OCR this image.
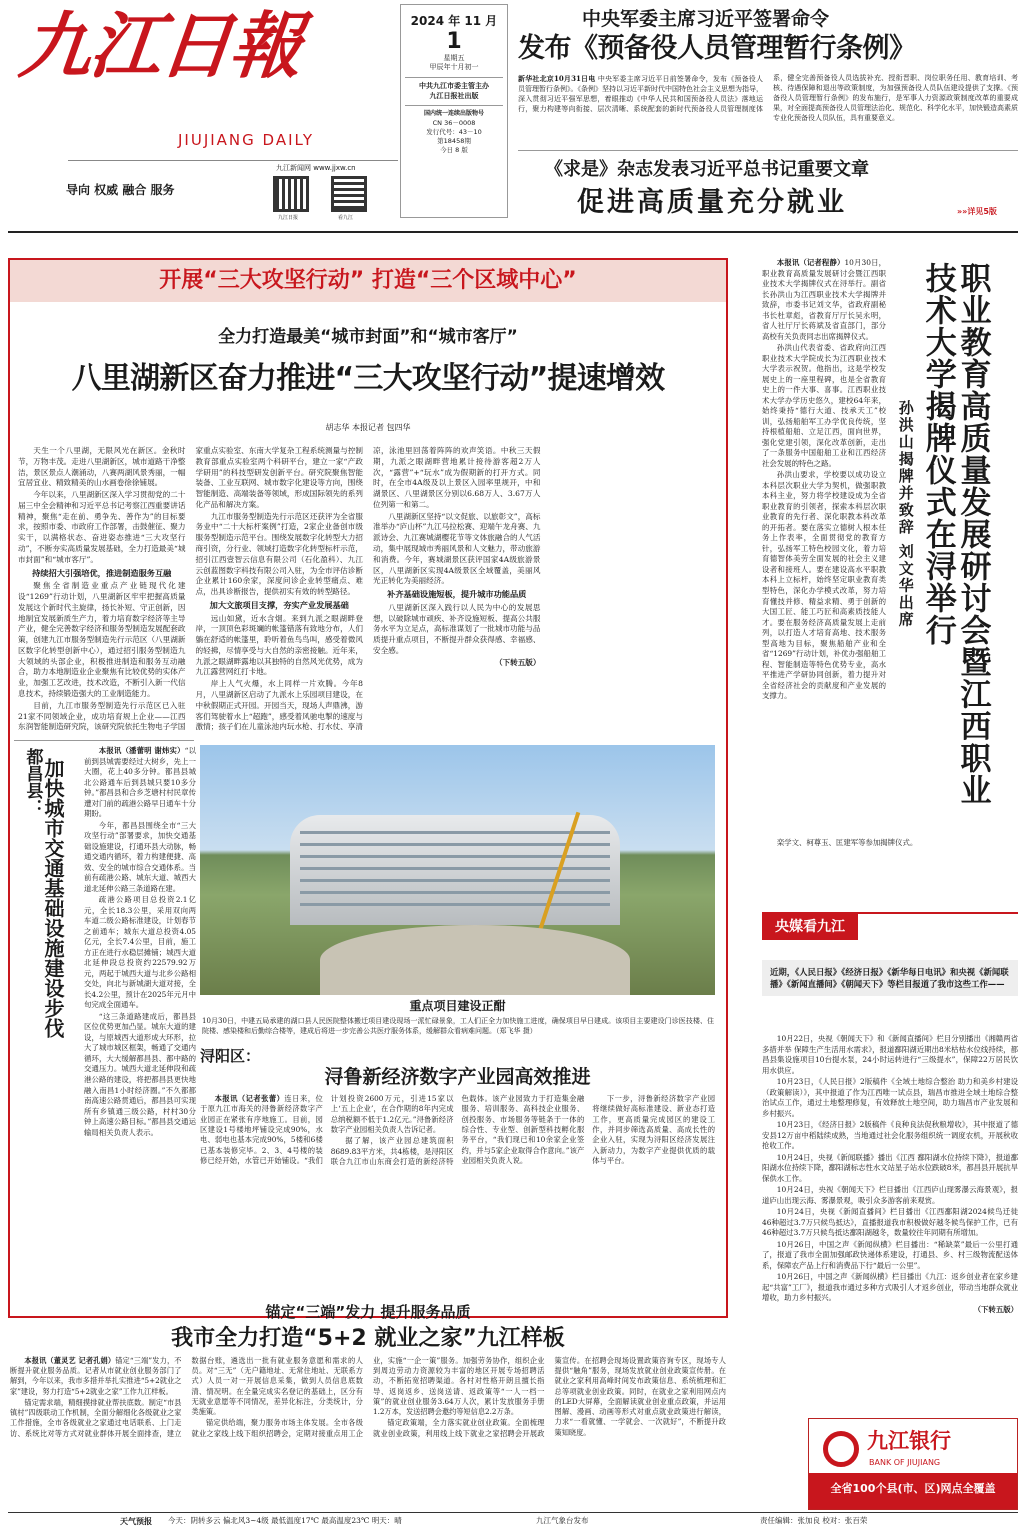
九江日報
JIUJIANG DAILY
导向 权威 融合 服务
九江新闻网 www.jjxw.cn
九江日报	看九江
2024 年 11 月
1
星期五
甲辰年十月初一
中共九江市委主管主办
九江日报社出版
国内统一连续出版物号
CN 36－0008
发行代号：43－10
第18458期
今日 8 版
中央军委主席习近平签署命令
发布《预备役人员管理暂行条例》
新华社北京10月31日电 中央军委主席习近平日前签署命令，发布《预备役人员管理暂行条例》。《条例》坚持以习近平新时代中国特色社会主义思想为指导，深入贯彻习近平强军思想，着眼推动《中华人民共和国预备役人员法》落地运行，聚力构建等向衔接、层次清晰、系统配套的新时代预备役人员管理制度体系，健全完善预备役人员选拔补充、授衔晋职、岗位职务任用、教育培训、考核、待遇保障和退出等政策制度，为加强预备役人员队伍建设提供了支撑。《预备役人员管理暂行条例》的发布施行，是军事人力资源政策制度改革的重要成果，对全面提高预备役人员管理法治化、规范化、科学化水平，加快锻造高素质专业化预备役人员队伍，具有重要意义。
《求是》杂志发表习近平总书记重要文章
促进高质量充分就业	»»详见5版
开展“三大攻坚行动” 打造“三个区域中心”
全力打造最美“城市封面”和“城市客厅”
八里湖新区奋力推进“三大攻坚行动”提速增效
胡志华 本报记者 包四华

天生一个八里湖，无限风光在新区。金秋时节，万物丰茂。走进八里湖新区，城市道路干净整洁，景区景点人潮涌动，八赛两湖风景秀丽，一幅宜居宜业、精致精美的山水画卷徐徐铺展。

今年以来，八里湖新区深入学习贯彻党的二十届三中全会精神和习近平总书记考察江西重要讲话精神，聚焦“走在前、勇争先、善作为”的目标要求，按照市委、市政府工作部署，击鼓催征、聚力实干，以满格状态、奋进姿态推进“三大攻坚行动”，不断夯实高质量发展基础，全力打造最美“城市封面”和“城市客厅”。

持续招大引强培优，推进制造服务互融

聚焦全省制造业重点产业链现代化建设“1269”行动计划，八里湖新区牢牢把握高质量发展这个新时代主旋律，扬长补短、守正创新，因地制宜发展新质生产力，着力培育数字经济等主导产业，健全完善数字经济和服务型制造发展配套政策，创建九江市服务型制造先行示范区（八里湖新区数字化转型创新中心），通过招引服务型制造九大领域的头部企业，积极推进制造和服务互动融合，助力本地制造业企业聚焦有比较优势的实体产业，加强工艺改进，技术改造，不断引入新一代信息技术，持续锻造强大的工业制造能力。

目前，九江市服务型制造先行示范区已入驻21家不同领域企业，成功培育规上企业——江西东润智能制造研究院，该研究院依托生物电子学国家重点实验室、东南大学复杂工程系统测量与控制教育部重点实验室两个科研平台，建立一家“产政学研用”的科技型研发创新平台。研究院聚焦智能装备、工业互联网、城市数字化建设等方向，围绕智能制造、高端装备等领域，形成国际领先的系列化产品和解决方案。

九江市服务型制造先行示范区还获评为全省服务业中“二十大标杆案例”打造，2家企业备创市级服务型制造示范平台。围绕发展数字化转型大力招商引资，分行业、领域打造数字化转型标杆示范，招引江西壹智云信息有限公司（石化盈科）、九江云创蓝图数字科技有限公司入驻，为全市评估诊断企业累计160余家，深度问诊企业转型痛点、难点，出具诊断报告，提供初实有效的转型路径。

加大文旅项目支撑，夯实产业发展基础

远山如黛，近水含烟。来到九派之眼湖畔登岸，一顶顶色彩斑斓的帐篷错落有致地分布，人们躺在舒适的帐篷里，聆听着鱼鸟鸟叫，感受着微风的轻拂，尽情享受与大自然的亲密接触。近年来，九派之眼湖畔露地以其独特的自然风光优势，成为九江露营网红打卡地。

岸上人气火爆，水上同样一片欢腾。今年8月，八里湖新区启动了九派水上乐园项目建设，在中秋假期正式开园。开园当天，现场人声鼎沸，游客们驾驶着水上“超跑”，感受着风驰电掣的速度与激情；孩子们在儿童泳池内玩水枪、打水仗、享清凉，泳池里回荡着阵阵的欢声笑语。中秋三天假期，九派之眼湖畔营地累计接待游客超2万人次，“露营”+“玩水”成为假期新的打开方式。同时，在全市4A级及以上景区入园率里规开，中和湖景区、八里湖景区分别以6.68万人、3.67万人位列第一和第二。

八里湖新区坚持“以文促旅、以旅彰文”，高标准举办“庐山杯”九江马拉松赛、迎端午龙舟赛、九派诗会、九江赛城湖樱花节等文体旅融合的人气活动，集中展现城市秀丽风景和人文魅力，带动旅游和消费。今年，赛城湖景区获评国家4A级旅游景区，八里湖新区实现4A级景区全域覆盖，美丽风光正转化为美丽经济。

补齐基础设施短板，提升城市功能品质

八里湖新区深入践行以人民为中心的发展思想，以破除城市顽疾、补齐设施短板、提高公共服务水平为立足点，高标准谋划了一批城市功能与品质提升重点项目，不断提升群众获得感、幸福感、安全感。

（下转五版）
都昌县：
加快城市交通基础设施建设步伐

本报讯（潘蕾明 谢炜实）“以前到县城需要经过大树乡，先上一大圈，花上40多分钟。都昌县城北公路通车后到县城只要10多分钟。”都昌县和合乡芝塘村村民章传遭对门前的疏港公路早日通车十分期盼。

今年，都昌县围绕全市“三大攻坚行动”部署要求，加快交通基础设施建设，打通环县大动脉，畅通交通内循环，着力构建便捷、高效、安全的城市综合交通体系。当前有疏港公路、城东大道、城西大道北延伸公路三条道路在建。

疏港公路项目总投资2.1亿元，全长18.3公里，采用双向两车道二级公路标准建设，计划春节之前通车；城东大道总投资4.05亿元，全长7.4公里，目前，施工方正在进行水稳层摊铺；城西大道北延伸段总投资约22579.92万元，两起于城西大道与北乡公路相交处，向北与新城湖大道对接，全长4.2公里，预计在2025年元月中旬完成全面通车。

“这三条道路建成后，都昌县区位优势更加凸显。城东大道的建设，与原城西大道形成大环形，拉大了城市城区框架，畅通了交通内循环，大大缓解都昌县、都中路的交通压力。城西大道北延伸段和疏港公路的建设，将把都昌县更快地融入南昌1小时经济圈。”不久都都南高速公路贯通后，都昌县可实现所有乡镇通三级公路，村村30分钟上高速公路目标。”都昌县交通运输局相关负责人表示。

重点项目建设正酣
10月30日，中建五局承建的湖口县人民医院整体搬迁项目建设现场一派忙碌景象，工人们正全力加快施工进度，确保项目早日建成。该项目主要建设门诊医技楼、住院楼、感染楼和后勤综合楼等，建成后将进一步完善公共医疗服务体系，缓解群众看病难问题。（郑飞华 摄）
浔阳区：
浔鲁新经济数字产业园高效推进

本报讯（记者张蕾）连日来，位于原九江市海关的浔鲁新经济数字产业园正在紧张有序地施工。目前，园区建设1号楼地坪铺设完成90%，水电、弱电也基本完成90%，5楼和6楼已基本装修完毕。2、3、4号楼的装修已经开始，水管已开始铺设。“我们计划投资2600万元，引进15家以上‘五上企业’，在合作期的8年内完成总纳税额不低于1.2亿元。”浔鲁新经济数字产业园相关负责人告诉记者。

据了解，该产业园总建筑面积8689.83平方米，共4栋楼，是浔阳区联合九江市山东商会打造的新经济特色载体。该产业园致力于打造集金融服务、培训服务、高科技企业服务、创投服务、市场服务等链条于一体的综合性、专业型、创新型科技孵化服务平台，“我们现已和10余家企业签约，并与5家企业取得合作意向。”该产业园相关负责人说。

下一步，浔鲁新经济数字产业园将继续做好高标准建设、新业态打造工作，更高质量完成园区的建设工作，并同步筛选高质量、高成长性的企业入驻，实现为浔阳区经济发展注入新动力，为数字产业提供优质的载体与平台。

锚定“三端”发力 提升服务品质
我市全力打造“5+2 就业之家”九江样板

本报讯（董灵艺 记者孔娟）锚定“三端”发力，不断提升就业服务品质。记者从市就业创业服务部门了解到，今年以来，我市多措并举扎实推进“5+2就业之家”建设，努力打造“5+2就业之家”工作九江样板。

锚定需求端，精细摸排就业帮扶底数。制定“市县镇村”四级联动工作机制，全面分解细化各级就业之家工作措施，全市各级就业之家通过电话联系、上门走访、系统比对等方式对就业群体开展全面排查，建立数据台账，遴选出一批有就业服务意愿和需求的人员。对“三无”（无户籍地址、无常住地址、无联系方式）人员一对一开展信息采集，做到人员信息底数清、情况明。在全量完成实名登记的基础上，区分有无就业意愿等不同情况，差异化标注，分类统计，分类施策。

锚定供给端，聚力服务市场主体发展。全市各级就业之家线上线下组织招聘会，定期对接重点用工企业，实施“一企一策”服务。加强劳务协作，组织企业到周边劳动力资源较为丰富的地区开展专场招聘活动，不断拓宽招聘渠道。各村对性格开朗且擅长指导、返岗返乡、送岗送请、返政策等“一人一档一策”的就业创业服务3.64万人次，累计发放服务手册1.2万本，发送招聘会邀约等短信息2.2万条。

锚定政策端，全力落实就业创业政策。全面梳理就业创业政策，利用线上线下就业之家招聘会开展政策宣传。在招聘会现场设置政策咨询专区，现场专人提供“触角”服务，现场发放就业创业政策宣传册。在就业之家利用高峰时间发布政策信息、系统梳理和汇总等项就业创业政策。同时，在就业之家利用网点内的LED大屏幕，全面解读就业创业重点政策，并运用图解、漫画、动画等形式对重点就业政策进行解读，力求“一看就懂、一学就会、一次就好”，不断提升政策知晓度。

本报讯（记者程静）10月30日，职业教育高质量发展研讨会暨江西职业技术大学揭牌仪式在浔举行。副省长孙洪山为江西职业技术大学揭牌并致辞，市委书记刘文华，省政府副秘书长杜章彪，省教育厅厅长吴永明，省人社厅厅长蒋斌及省直部门，部分高校有关负责同志出席揭牌仪式。

孙洪山代表省委、省政府向江西职业技术大学院成长为江西职业技术大学表示祝贺。他指出，这是学校发展史上的一座里程碑，也是全省教育史上的一件大事、喜事。江西职业技术大学办学历史悠久，建校64年来，始终秉持“德行大道、技承天工”校训，弘扬船舶军工办学优良传统，坚持根植船舶、立足江西，面向世界，强化党建引领，深化改革创新，走出了一条服务中国船舶工业和江西经济社会发展的特色之路。

孙洪山要求，学校要以成功设立本科层次职业大学为契机，做强职教本科主业，努力将学校建设成为全省职业教育的引领者，探索本科层次职业教育的先行者、深化职教本科改革的开拓者。要在落实立德树人根本任务上作表率，全面贯彻党的教育方针，弘扬军工特色校园文化，着力培育德智体美劳全面发展的社会主义建设者和接班人。要在建设高水平职教本科上立标杆，始终坚定职业教育类型特色，深化办学模式改革，努力培育懂技并修、精益求精、勇于创新的大国工匠、能工巧匠和高素质技能人才。要在服务经济高质量发展上走前列，以打造人才培育高地、技术服务型高地为目标，聚焦船舶产业和全省“1269”行动计划，补优办强船舶工程、智能制造等特色优势专业，高水平推进产学研协同创新，着力提升对全省经济社会的贡献度和产业发展的支撑力。

栾学文、柯尊玉、匡建军等参加揭牌仪式。

职业教育高质量发展研讨会暨江西职业技术大学揭牌仪式在浔举行
孙洪山揭牌并致辞 刘文华出席
央媒看九江
近期，《人民日报》《经济日报》《新华每日电讯》和央视《新闻联播》《新闻直播间》《朝闻天下》等栏目报道了我市这些工作——

10月22日，央视《朝闻天下》和《新闻直播间》栏目分别播出《湘赣两省多措并举 保障生产生活用水需求》，报道鄱阳湖近期出8米枯枯水位线持续，都昌县集设施项目10台提水泵，24小时运转进行“三级提水”，保障22万居民饮用水供应。

10月23日，《人民日报》2版稿件《全域土地综合整治 助力和美乡村建设（政策解读）》，其中报道了作为江西唯一试点县，瑞昌市推进全域土地综合整治试点工作，通过土地整理修复，有效释放土地空间，助力瑞昌市产业发展和乡村振兴。

10月23日，《经济日报》2版稿件《良种良法促秋粮增收》，其中报道了德安县12万亩中稻陆续成熟，当地通过社会化服务组织统一调度农机，开展秋收抢收工作。

10月24日，央视《新闻联播》播出《江西 鄱阳湖水位持续下降》，报道鄱阳湖水位持续下降，鄱阳湖标志性水文站星子站水位跌破8米，都昌县开展抗旱保供水工作。

10月24日，央视《朝闻天下》栏目播出《江西庐山现雾瀑云海景观》，报道庐山出现云海、雾瀑景观，吸引众多游客前来观赏。

10月24日，央视《新闻直播间》栏目播出《江西鄱阳湖2024候鸟迁徙 46种超过3.7万只候鸟抵达》，直播报道我市积极做好越冬候鸟保护工作，已有46种超过3.7万只候鸟抵达鄱阳湖越冬，数量较往年同期有所增加。

10月26日，中国之声《新闻纵横》栏目播出：“稀缺菜”最后一公里打通了，报道了我市全面加强邮政快递体系建设，打通县、乡、村三级物流配送体系，保障农产品上行和消费品下行“最后一公里”。

10月26日，中国之声《新闻纵横》栏目播出《九江：返乡创业者在家乡建起“共富”工厂》，报道我市通过多种方式吸引人才返乡创业，带动当地群众就业增收，助力乡村振兴。

（下转五版）
九江银行
BANK OF JIUJIANG
全省100个县(市、区)网点全覆盖
天气预报 今天：阴转多云 偏北风3~4级 最低温度17℃ 最高温度23℃ 明天：晴	九江气象台发布	责任编辑：张加良 校对：张百荣
